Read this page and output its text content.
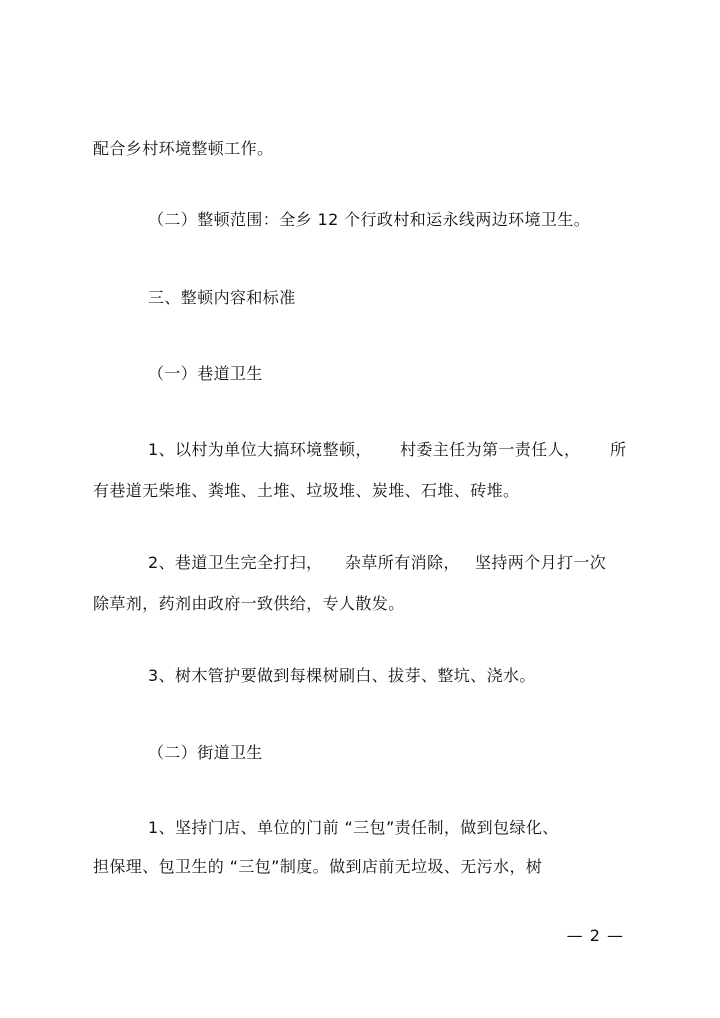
配合乡村环境整顿工作。
（二）整顿范围：全乡 12 个行政村和运永线两边环境卫生。
三、整顿内容和标准
（一）巷道卫生
1、以村为单位大搞环境整顿， 村委主任为第一责任人， 所
有巷道无柴堆、粪堆、土堆、垃圾堆、炭堆、石堆、砖堆。
2、巷道卫生完全打扫， 杂草所有消除， 坚持两个月打一次
除草剂，药剂由政府一致供给，专人散发。
3、树木管护要做到每棵树刷白、拔芽、整坑、浇水。
（二）街道卫生
1、坚持门店、单位的门前 “三包”责任制，做到包绿化、
担保理、包卫生的 “三包”制度。做到店前无垃圾、无污水，树
— 2 —
